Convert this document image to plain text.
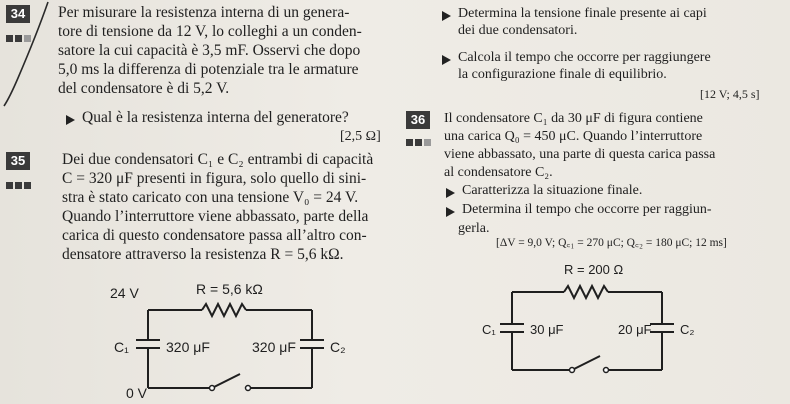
34	Per misurare la resistenza interna di un genera-
tore di tensione da 12 V, lo colleghi a un conden-
satore la cui capacità è 3,5 mF. Osservi che dopo
5,0 ms la differenza di potenziale tra le armature
del condensatore è di 5,2 V.
Qual è la resistenza interna del generatore?
[2,5 Ω]
35	Dei due condensatori C₁ e C₂ entrambi di capacità
C = 320 μF presenti in figura, solo quello di sini-
stra è stato caricato con una tensione V₀ = 24 V.
Quando l’interruttore viene abbassato, parte della
carica di questo condensatore passa all’altro con-
densatore attraverso la resistenza R = 5,6 kΩ.
24 V	R = 5,6 kΩ
C₁	320 μF	320 μF C₂
0 V
Determina la tensione finale presente ai capi
dei due condensatori.
Calcola il tempo che occorre per raggiungere
la configurazione finale di equilibrio.
[12 V; 4,5 s]
36	Il condensatore C₁ da 30 μF di figura contiene
una carica Q₀ = 450 μC. Quando l’interruttore
viene abbassato, una parte di questa carica passa
al condensatore C₂.
Caratterizza la situazione finale.
Determina il tempo che occorre per raggiun-
gerla.
[ΔV = 9,0 V; Q꜀₁ = 270 μC; Q꜀₂ = 180 μC; 12 ms]
R = 200 Ω
C₁	30 μF	20 μF C₂
